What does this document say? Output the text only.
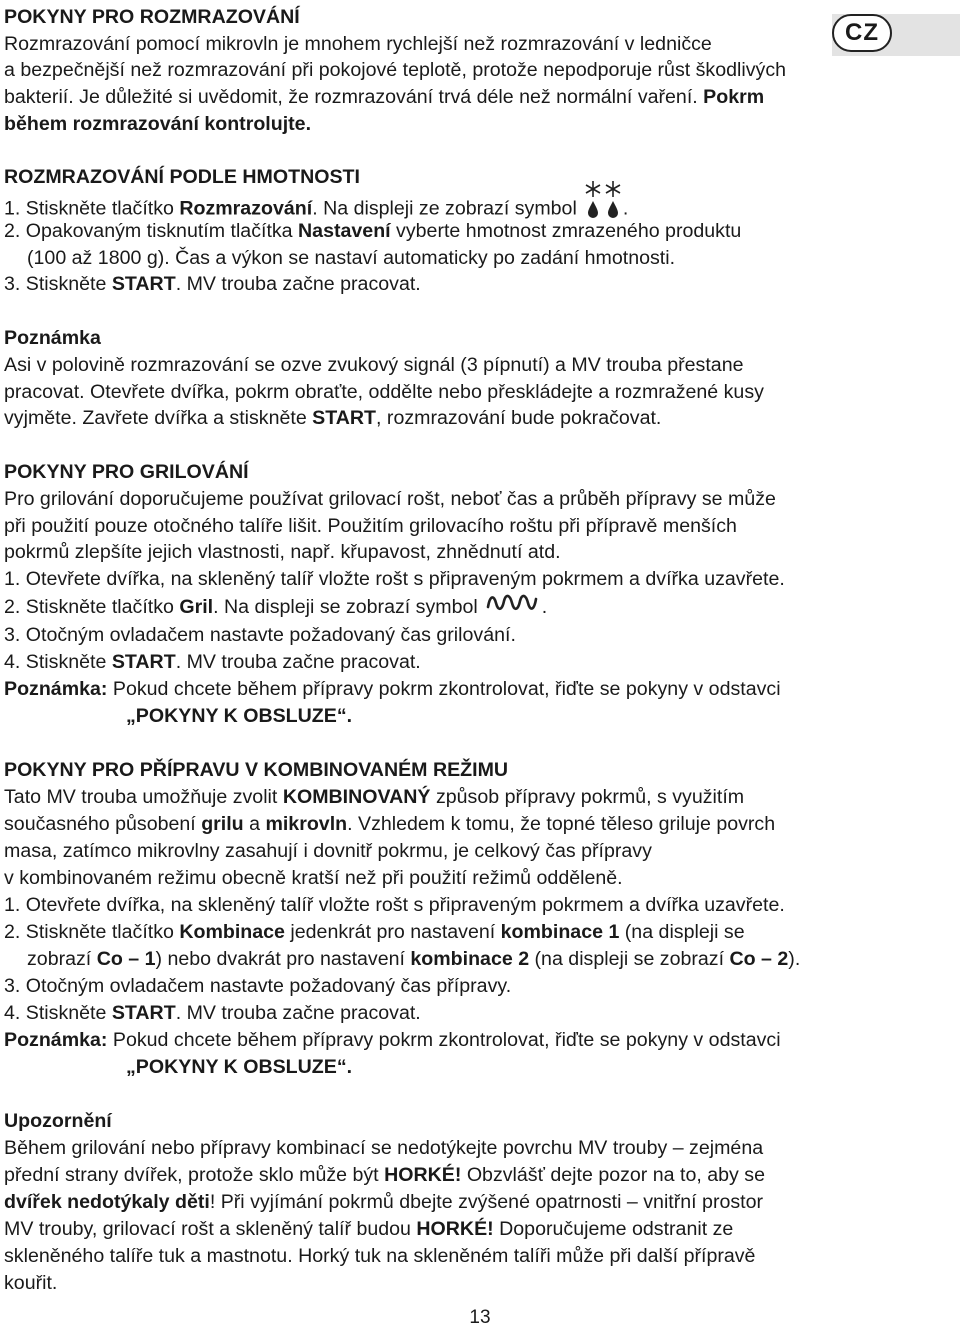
CZ
POKYNY PRO ROZMRAZOVÁNÍ
Rozmrazování pomocí mikrovln je mnohem rychlejší než rozmrazování v ledničce
a bezpečnější než rozmrazování při pokojové teplotě, protože nepodporuje růst škodlivých
bakterií. Je důležité si uvědomit, že rozmrazování trvá déle než normální vaření. Pokrm
během rozmrazování kontrolujte.
ROZMRAZOVÁNÍ PODLE HMOTNOSTI
1. Stiskněte tlačítko Rozmrazování. Na displeji ze zobrazí symbol .
2. Opakovaným tisknutím tlačítka Nastavení vyberte hmotnost zmrazeného produktu
(100 až 1800 g). Čas a výkon se nastaví automaticky po zadání hmotnosti.
3. Stiskněte START. MV trouba začne pracovat.
Poznámka
Asi v polovině rozmrazování se ozve zvukový signál (3 pípnutí) a MV trouba přestane
pracovat. Otevřete dvířka, pokrm obraťte, oddělte nebo přeskládejte a rozmražené kusy
vyjměte. Zavřete dvířka a stiskněte START, rozmrazování bude pokračovat.
POKYNY PRO GRILOVÁNÍ
Pro grilování doporučujeme používat grilovací rošt, neboť čas a průběh přípravy se může
při použití pouze otočného talíře lišit. Použitím grilovacího roštu při přípravě menších
pokrmů zlepšíte jejich vlastnosti, např. křupavost, zhnědnutí atd.
1. Otevřete dvířka, na skleněný talíř vložte rošt s připraveným pokrmem a dvířka uzavřete.
2. Stiskněte tlačítko Gril. Na displeji se zobrazí symbol	.
3. Otočným ovladačem nastavte požadovaný čas grilování.
4. Stiskněte START. MV trouba začne pracovat.
Poznámka: Pokud chcete během přípravy pokrm zkontrolovat, řiďte se pokyny v odstavci
„POKYNY K OBSLUZE“.
POKYNY PRO PŘÍPRAVU V KOMBINOVANÉM REŽIMU
Tato MV trouba umožňuje zvolit KOMBINOVANÝ způsob přípravy pokrmů, s využitím
současného působení grilu a mikrovln. Vzhledem k tomu, že topné těleso griluje povrch
masa, zatímco mikrovlny zasahují i dovnitř pokrmu, je celkový čas přípravy
v kombinovaném režimu obecně kratší než při použití režimů odděleně.
1. Otevřete dvířka, na skleněný talíř vložte rošt s připraveným pokrmem a dvířka uzavřete.
2. Stiskněte tlačítko Kombinace jedenkrát pro nastavení kombinace 1 (na displeji se
zobrazí Co – 1) nebo dvakrát pro nastavení kombinace 2 (na displeji se zobrazí Co – 2).
3. Otočným ovladačem nastavte požadovaný čas přípravy.
4. Stiskněte START. MV trouba začne pracovat.
Poznámka: Pokud chcete během přípravy pokrm zkontrolovat, řiďte se pokyny v odstavci
„POKYNY K OBSLUZE“.
Upozornění
Během grilování nebo přípravy kombinací se nedotýkejte povrchu MV trouby – zejména
přední strany dvířek, protože sklo může být HORKÉ! Obzvlášť dejte pozor na to, aby se
dvířek nedotýkaly děti! Při vyjímání pokrmů dbejte zvýšené opatrnosti – vnitřní prostor
MV trouby, grilovací rošt a skleněný talíř budou HORKÉ! Doporučujeme odstranit ze
skleněného talíře tuk a mastnotu. Horký tuk na skleněném talíři může při další přípravě
kouřit.
13
